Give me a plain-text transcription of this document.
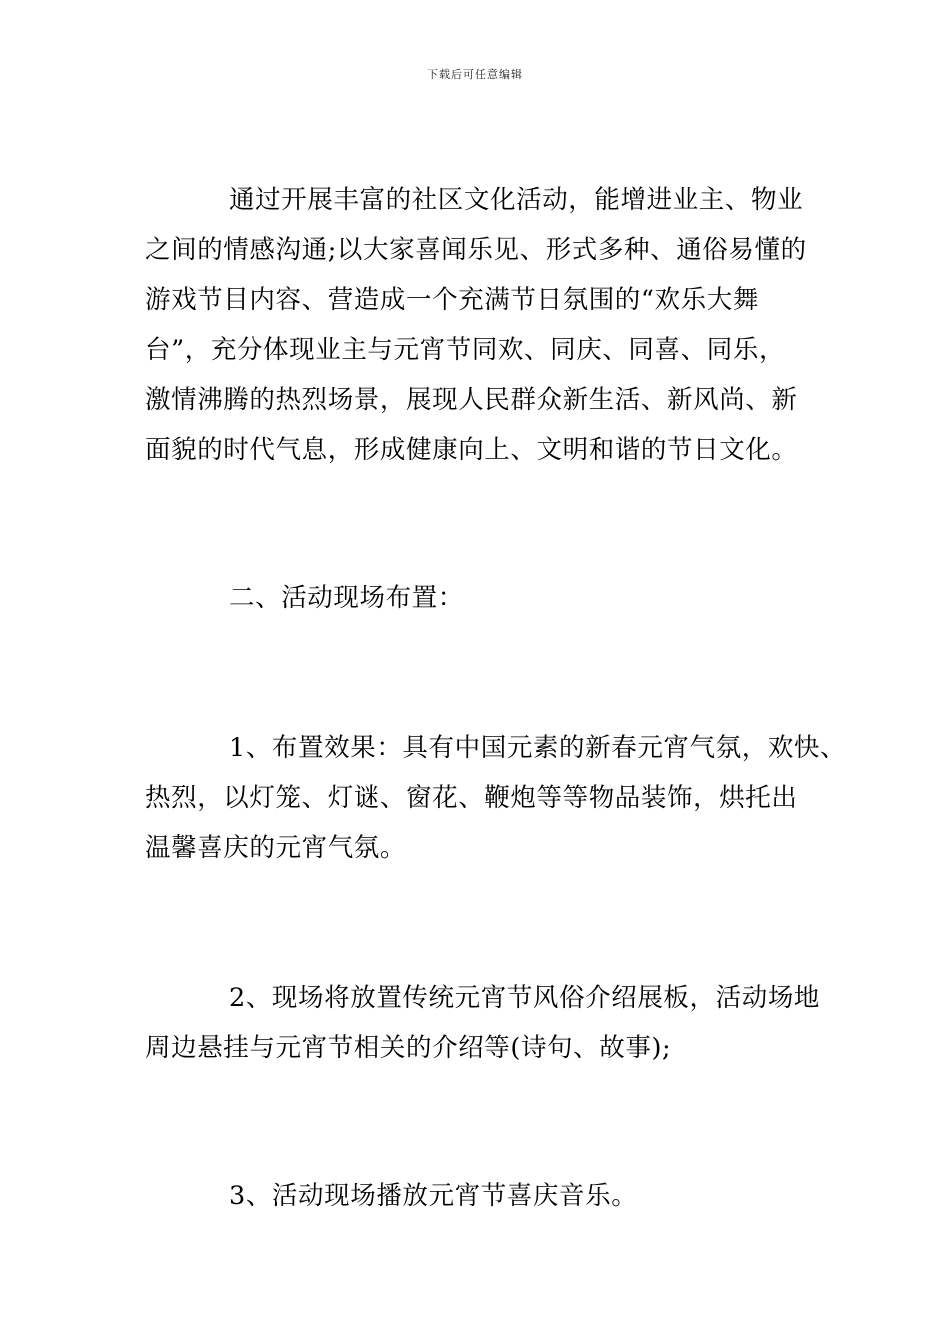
下载后可任意编辑
通过开展丰富的社区文化活动，能增进业主、物业
之间的情感沟通;以大家喜闻乐见、形式多种、通俗易懂的
游戏节目内容、营造成一个充满节日氛围的“欢乐大舞
台”，充分体现业主与元宵节同欢、同庆、同喜、同乐，
激情沸腾的热烈场景，展现人民群众新生活、新风尚、新
面貌的时代气息，形成健康向上、文明和谐的节日文化。
二、活动现场布置：
1、布置效果：具有中国元素的新春元宵气氛，欢快、
热烈，以灯笼、灯谜、窗花、鞭炮等等物品装饰，烘托出
温馨喜庆的元宵气氛。
2、现场将放置传统元宵节风俗介绍展板，活动场地
周边悬挂与元宵节相关的介绍等(诗句、故事);
3、活动现场播放元宵节喜庆音乐。
